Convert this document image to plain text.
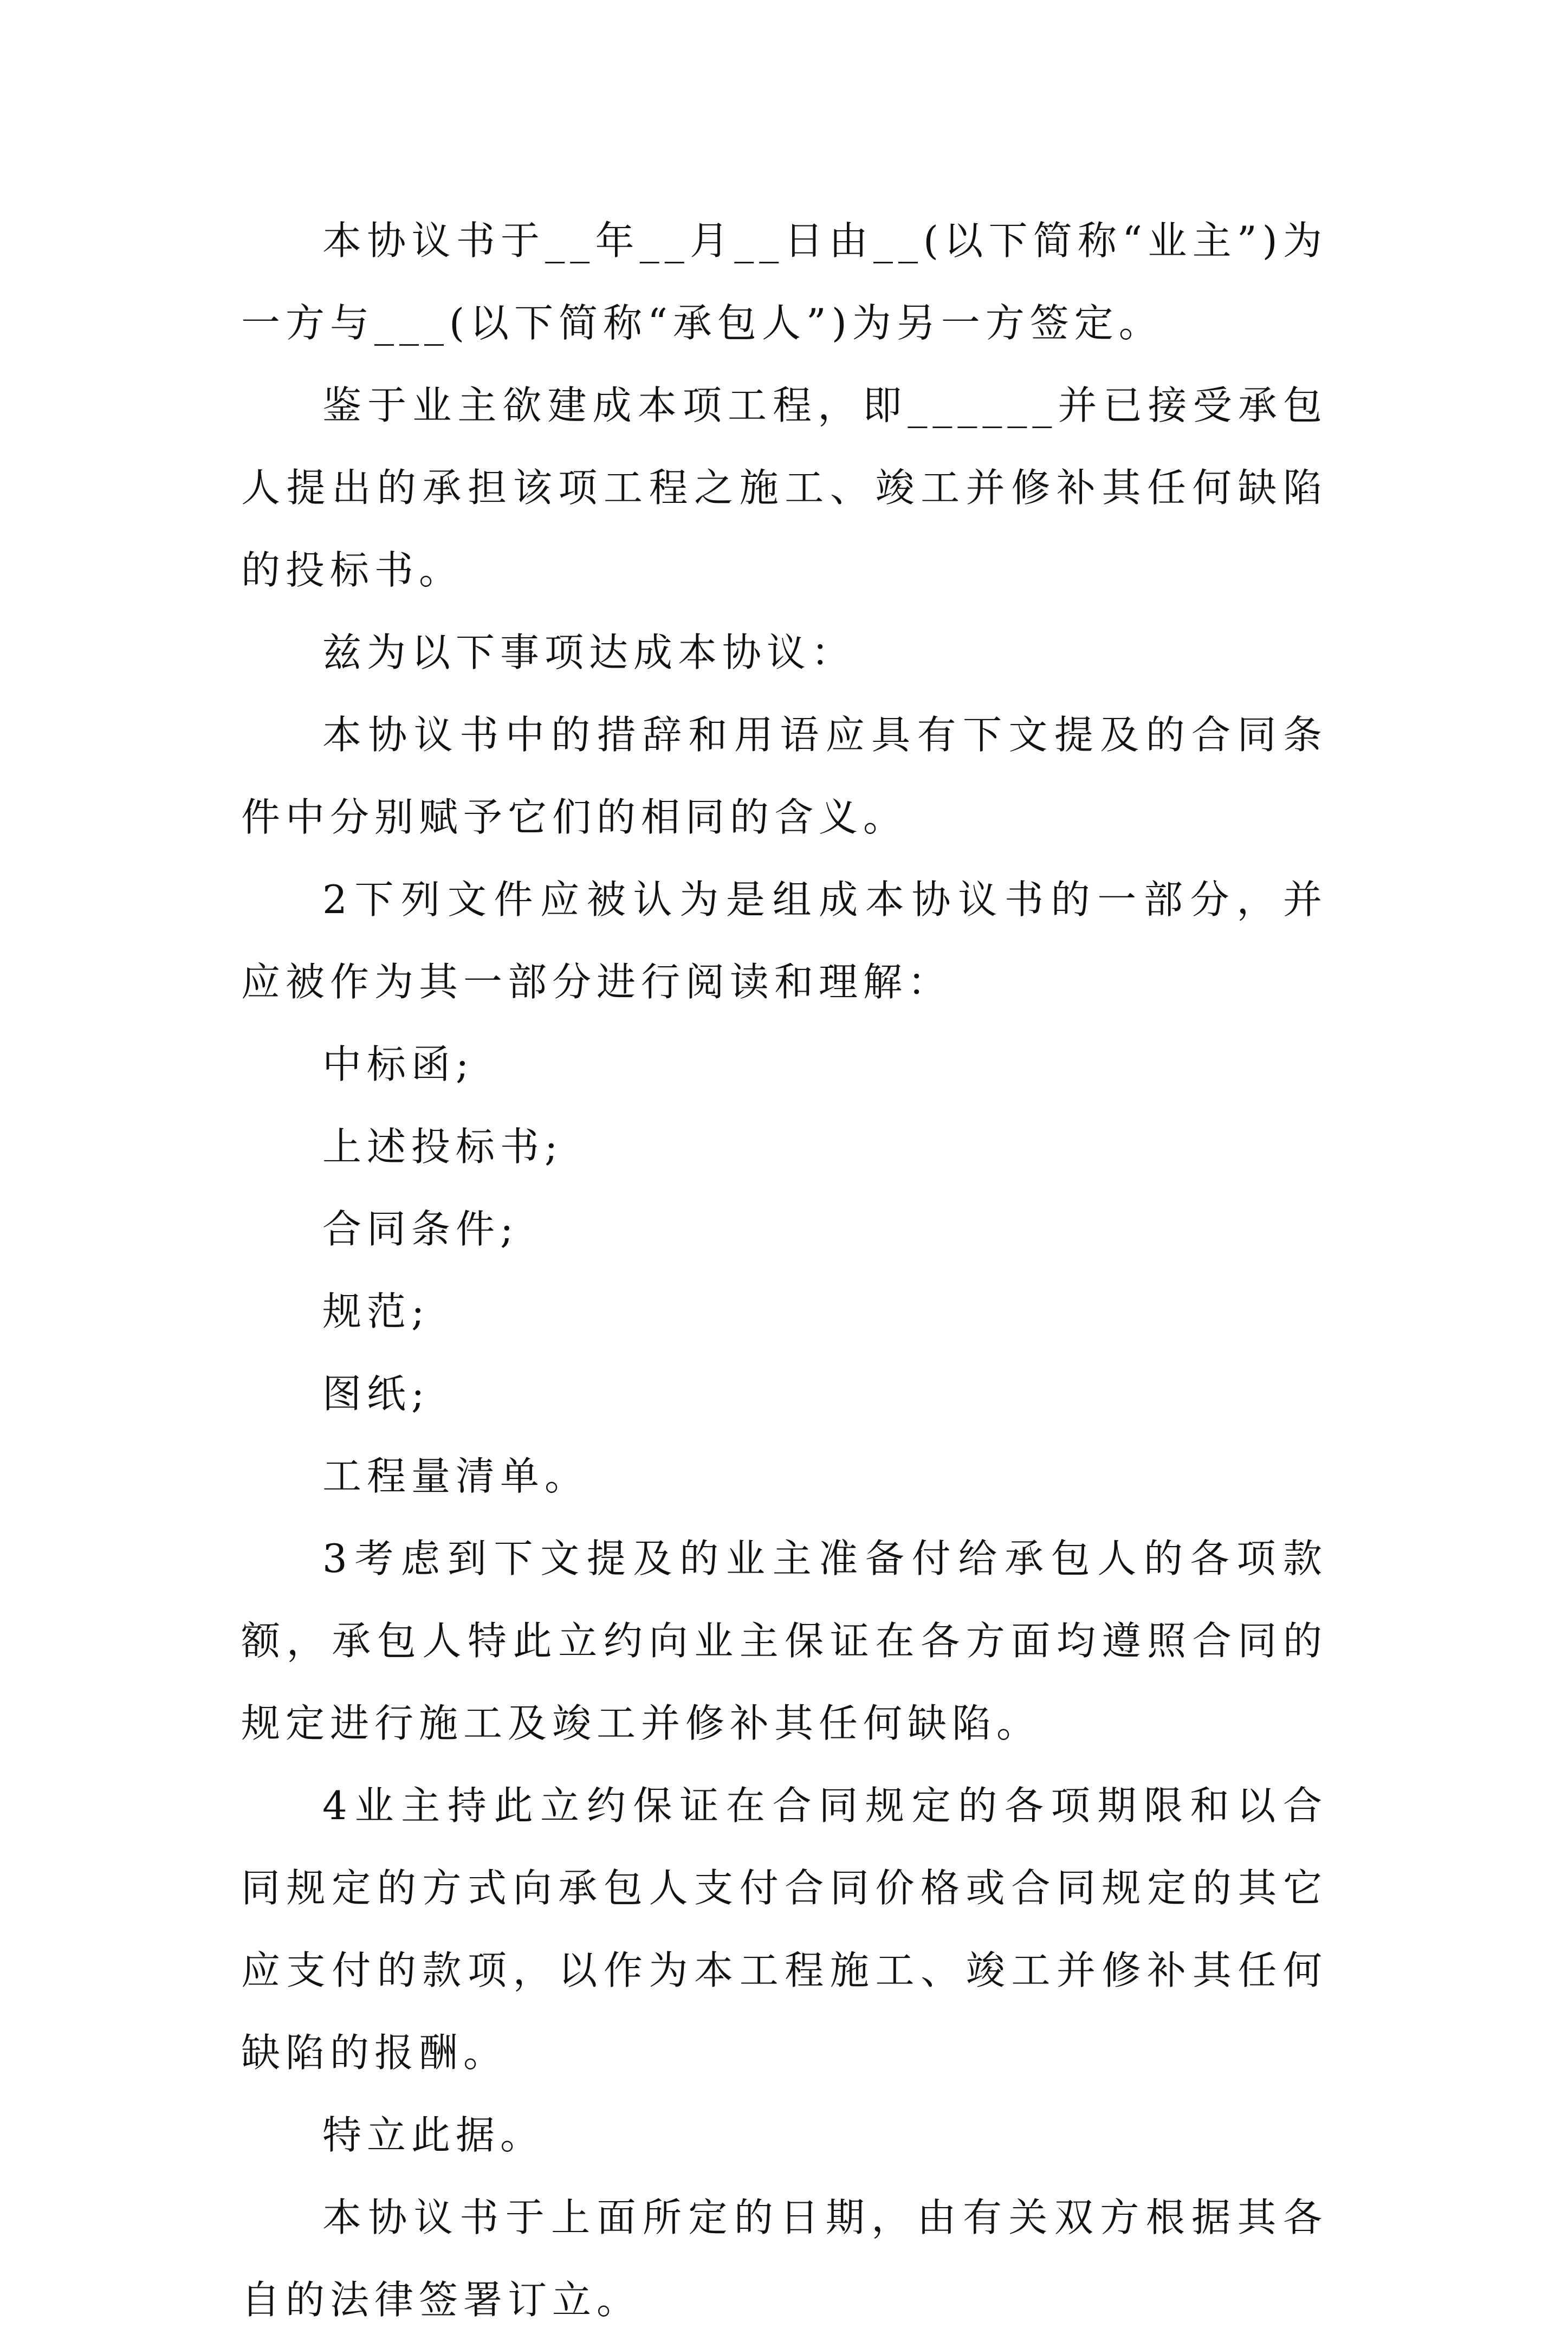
本协议书于__年__月__日由__(以下简称“业主”)为一方与___(以下简称“承包人”)为另一方签定。

鉴于业主欲建成本项工程，即______并已接受承包人提出的承担该项工程之施工、竣工并修补其任何缺陷的投标书。

兹为以下事项达成本协议：

本协议书中的措辞和用语应具有下文提及的合同条件中分别赋予它们的相同的含义。

2下列文件应被认为是组成本协议书的一部分，并应被作为其一部分进行阅读和理解：

中标函;

上述投标书;

合同条件;

规范;

图纸;

工程量清单。

3考虑到下文提及的业主准备付给承包人的各项款额，承包人特此立约向业主保证在各方面均遵照合同的规定进行施工及竣工并修补其任何缺陷。

4业主持此立约保证在合同规定的各项期限和以合同规定的方式向承包人支付合同价格或合同规定的其它应支付的款项，以作为本工程施工、竣工并修补其任何缺陷的报酬。

特立此据。

本协议书于上面所定的日期，由有关双方根据其各自的法律签署订立。
